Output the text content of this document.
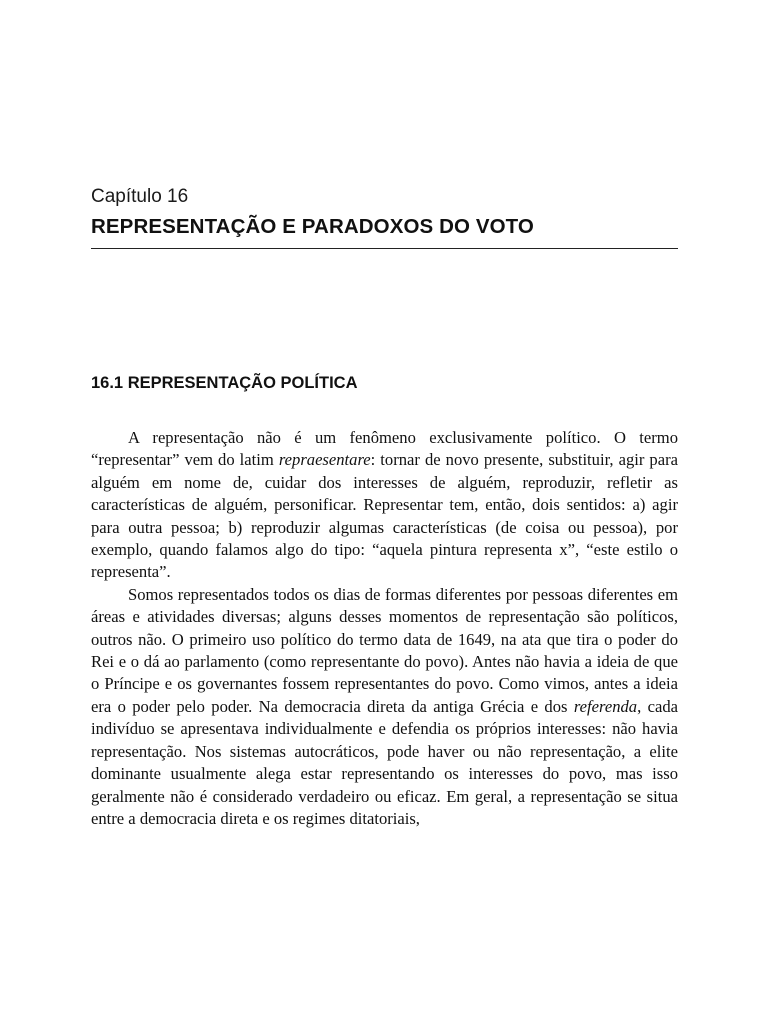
Capítulo 16
REPRESENTAÇÃO E PARADOXOS DO VOTO
16.1 REPRESENTAÇÃO POLÍTICA

A representação não é um fenômeno exclusivamente político. O termo “representar” vem do latim repraesentare: tornar de novo presente, substituir, agir para alguém em nome de, cuidar dos interesses de alguém, reproduzir, refletir as características de alguém, personificar. Representar tem, então, dois sentidos: a) agir para outra pessoa; b) reproduzir algumas características (de coisa ou pessoa), por exemplo, quando falamos algo do tipo: “aquela pintura representa x”, “este estilo o representa”.

Somos representados todos os dias de formas diferentes por pessoas diferentes em áreas e atividades diversas; alguns desses momentos de representação são políticos, outros não. O primeiro uso político do termo data de 1649, na ata que tira o poder do Rei e o dá ao parlamento (como representante do povo). Antes não havia a ideia de que o Príncipe e os governantes fossem representantes do povo. Como vimos, antes a ideia era o poder pelo poder. Na democracia direta da antiga Grécia e dos referenda, cada indivíduo se apresentava individualmente e defendia os próprios interesses: não havia representação. Nos sistemas autocráticos, pode haver ou não representação, a elite dominante usualmente alega estar representando os interesses do povo, mas isso geralmente não é considerado verdadeiro ou eficaz. Em geral, a representação se situa entre a democracia direta e os regimes ditatoriais,
